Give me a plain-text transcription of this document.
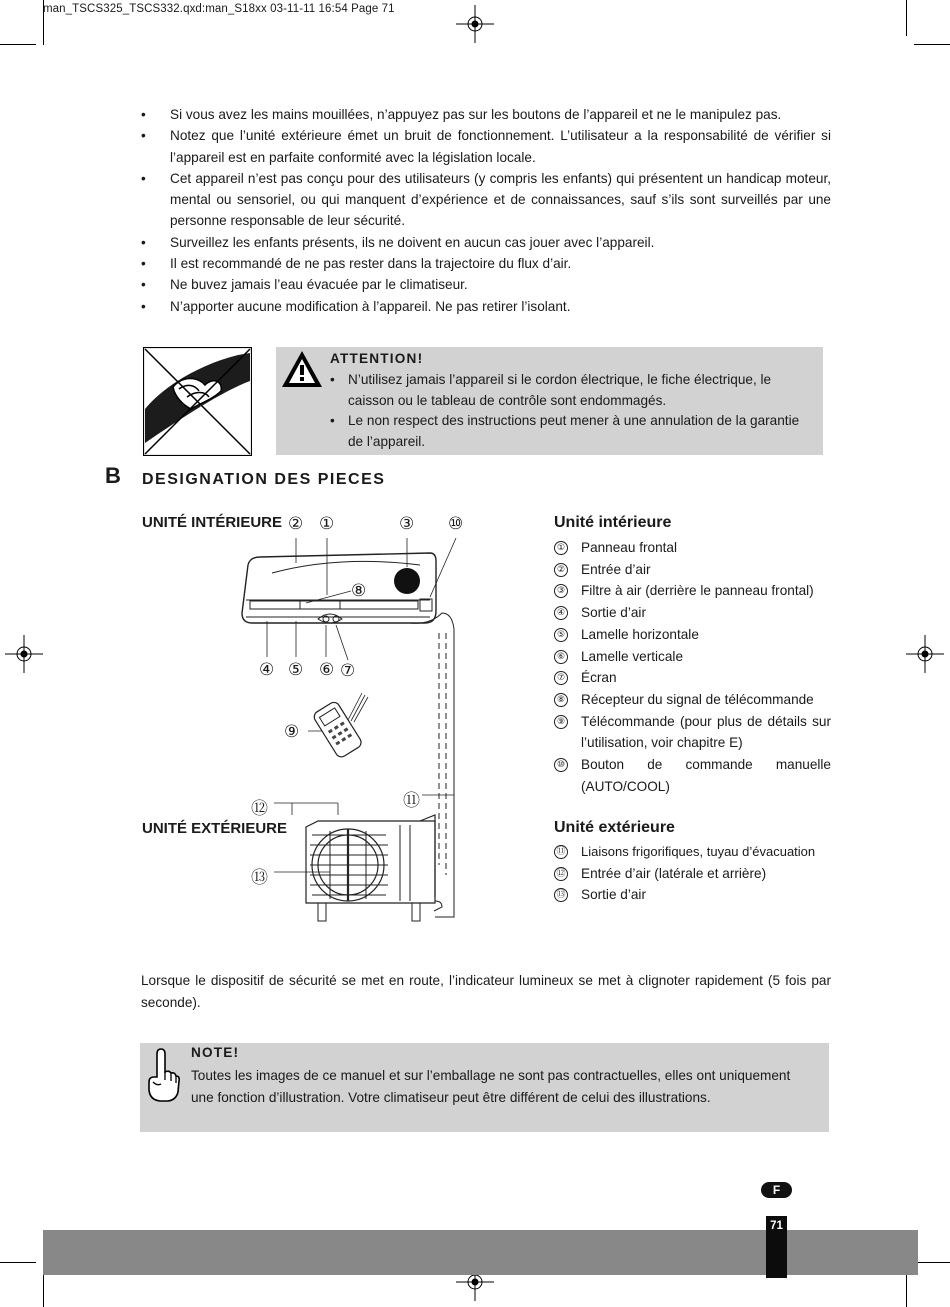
man_TSCS325_TSCS332.qxd:man_S18xx 03-11-11 16:54 Page 71
• Si vous avez les mains mouillées, n’appuyez pas sur les boutons de l’appareil et ne le manipulez pas.
• Notez que l’unité extérieure émet un bruit de fonctionnement. L’utilisateur a la responsabilité de vérifier si l’appareil est en parfaite conformité avec la législation locale.
• Cet appareil n’est pas conçu pour des utilisateurs (y compris les enfants) qui présentent un handicap moteur, mental ou sensoriel, ou qui manquent d’expérience et de connaissances, sauf s’ils sont surveillés par une personne responsable de leur sécurité.
• Surveillez les enfants présents, ils ne doivent en aucun cas jouer avec l’appareil.
• Il est recommandé de ne pas rester dans la trajectoire du flux d’air.
• Ne buvez jamais l’eau évacuée par le climatiseur.
• N’apporter aucune modification à l’appareil. Ne pas retirer l’isolant.
ATTENTION!
• N’utilisez jamais l’appareil si le cordon électrique, le fiche électrique, le caisson ou le tableau de contrôle sont endommagés.
• Le non respect des instructions peut mener à une annulation de la garantie de l’appareil.
B DESIGNATION DES PIECES
UNITÉ INTÉRIEURE
UNITÉ EXTÉRIEURE
② ①	③ ⑩
⑧
④ ⑤ ⑥ ⑦
⑨
⑪
⑫
⑬
Unité intérieure
① Panneau frontal
② Entrée d’air
③ Filtre à air (derrière le panneau frontal)
④ Sortie d’air
⑤ Lamelle horizontale
⑥ Lamelle verticale
⑦ Écran
⑧ Récepteur du signal de télécommande
⑨ Télécommande (pour plus de détails sur l’utilisation, voir chapitre E)
⑩ Bouton de commande manuelle (AUTO/COOL)
Unité extérieure
⑪ Liaisons frigorifiques, tuyau d’évacuation
⑫ Entrée d’air (latérale et arrière)
⑬ Sortie d’air
Lorsque le dispositif de sécurité se met en route, l’indicateur lumineux se met à clignoter rapidement (5 fois par seconde).
NOTE!
Toutes les images de ce manuel et sur l’emballage ne sont pas contractuelles, elles ont uniquement une fonction d’illustration. Votre climatiseur peut être différent de celui des illustrations.
F
71
